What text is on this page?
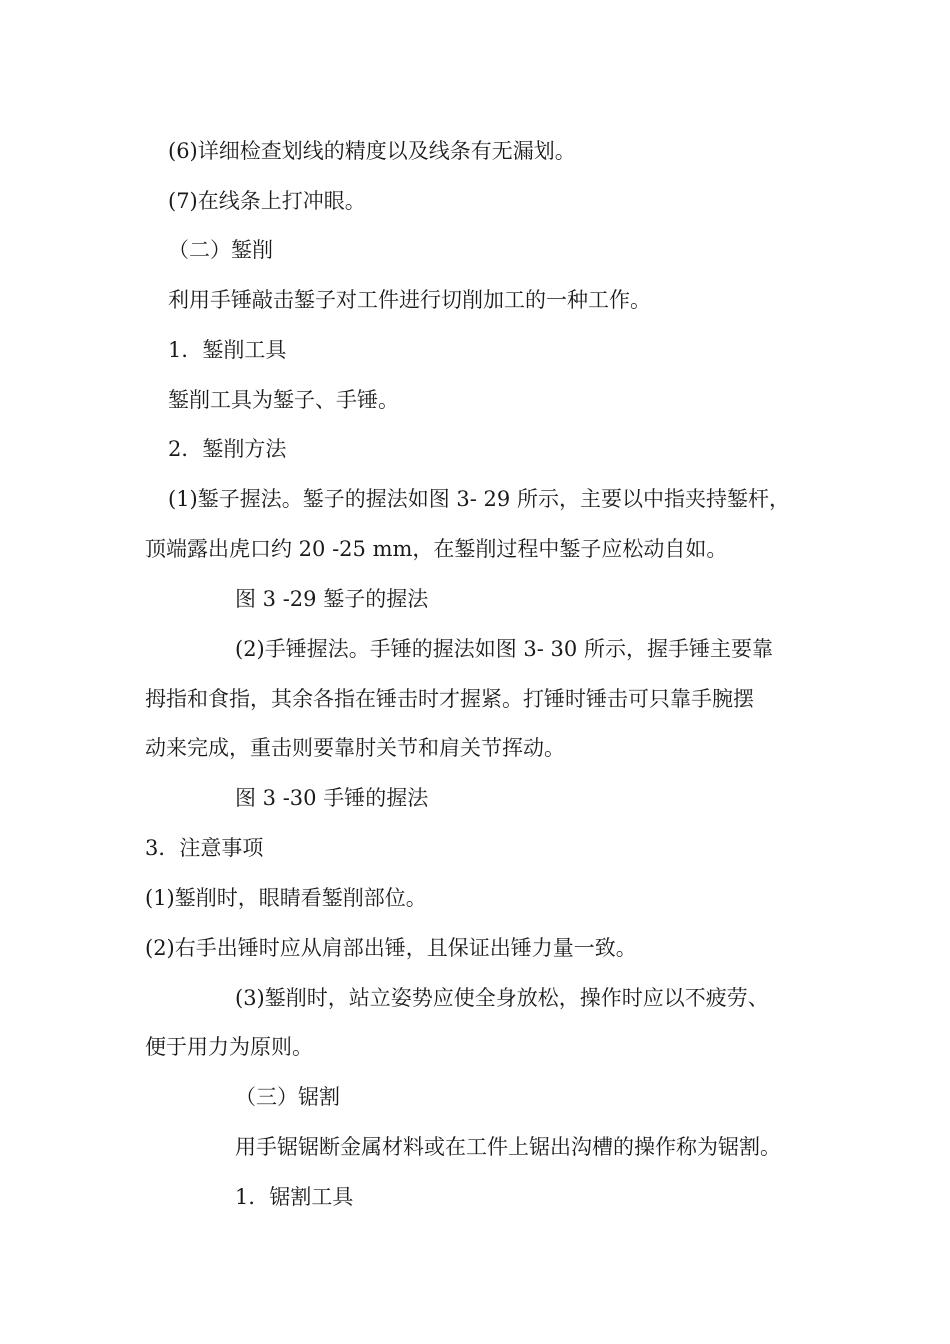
(6)详细检查划线的精度以及线条有无漏划。
(7)在线条上打冲眼。
（二）錾削
利用手锤敲击錾子对工件进行切削加工的一种工作。
1．錾削工具
錾削工具为錾子、手锤。
2．錾削方法
(1)錾子握法。錾子的握法如图 3- 29 所示，主要以中指夹持錾杆，
顶端露出虎口约 20 -25 mm，在錾削过程中錾子应松动自如。
图 3 -29 錾子的握法
(2)手锤握法。手锤的握法如图 3- 30 所示，握手锤主要靠
拇指和食指，其余各指在锤击时才握紧。打锤时锤击可只靠手腕摆
动来完成，重击则要靠肘关节和肩关节挥动。
图 3 -30 手锤的握法
3．注意事项
(1)錾削时，眼睛看錾削部位。
(2)右手出锤时应从肩部出锤，且保证出锤力量一致。
(3)錾削时，站立姿势应使全身放松，操作时应以不疲劳、
便于用力为原则。
（三）锯割
用手锯锯断金属材料或在工件上锯出沟槽的操作称为锯割。
1．锯割工具
